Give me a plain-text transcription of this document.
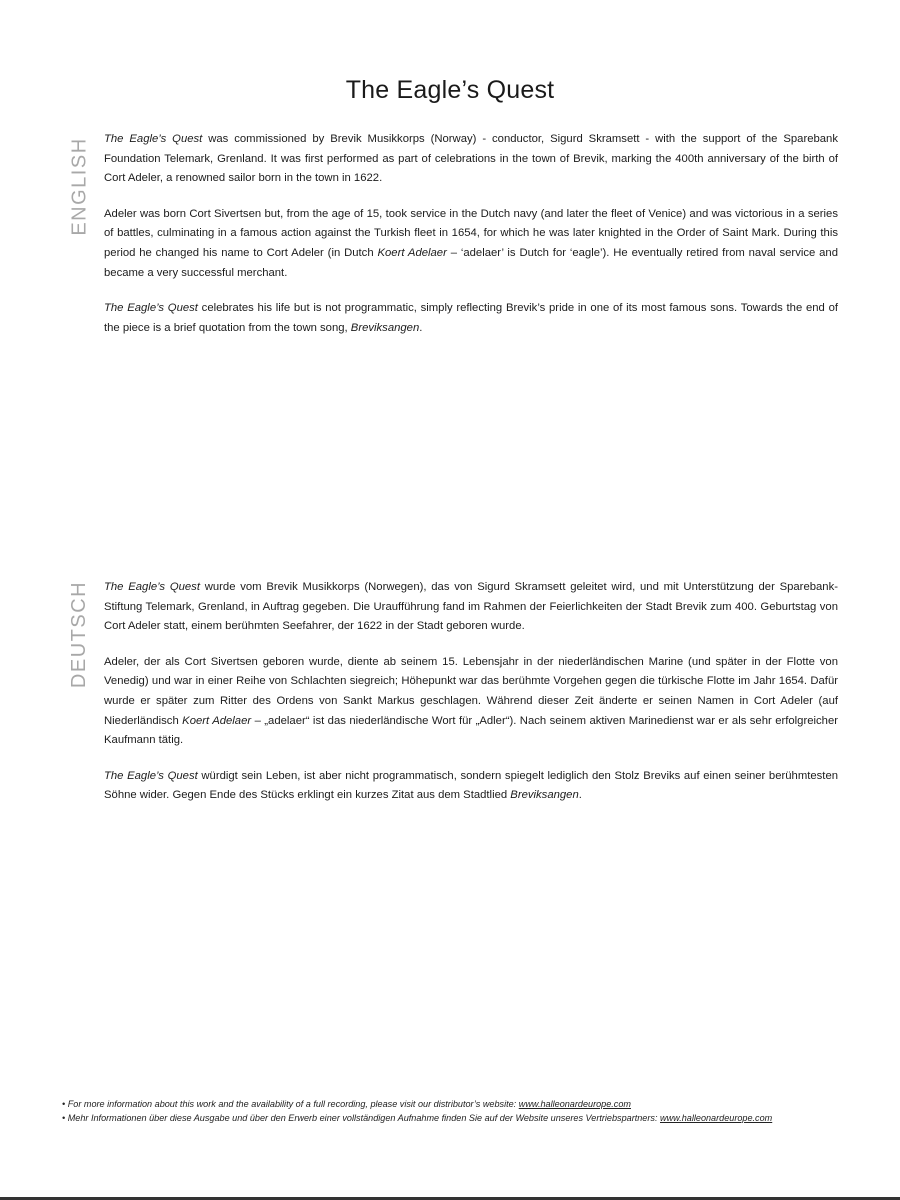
The Eagle’s Quest
ENGLISH The Eagle’s Quest was commissioned by Brevik Musikkorps (Norway) - conductor, Sigurd Skramsett - with the support of the Sparebank Foundation Telemark, Grenland. It was first performed as part of celebrations in the town of Brevik, marking the 400th anniversary of the birth of Cort Adeler, a renowned sailor born in the town in 1622.

Adeler was born Cort Sivertsen but, from the age of 15, took service in the Dutch navy (and later the fleet of Venice) and was victorious in a series of battles, culminating in a famous action against the Turkish fleet in 1654, for which he was later knighted in the Order of Saint Mark. During this period he changed his name to Cort Adeler (in Dutch Koert Adelaer – ‘adelaer’ is Dutch for ‘eagle’). He eventually retired from naval service and became a very successful merchant.

The Eagle’s Quest celebrates his life but is not programmatic, simply reflecting Brevik’s pride in one of its most famous sons. Towards the end of the piece is a brief quotation from the town song, Breviksangen.

DEUTSCH The Eagle’s Quest wurde vom Brevik Musikkorps (Norwegen), das von Sigurd Skramsett geleitet wird, und mit Unterstützung der Sparebank-Stiftung Telemark, Grenland, in Auftrag gegeben. Die Uraufführung fand im Rahmen der Feierlichkeiten der Stadt Brevik zum 400. Geburtstag von Cort Adeler statt, einem berühmten Seefahrer, der 1622 in der Stadt geboren wurde.

Adeler, der als Cort Sivertsen geboren wurde, diente ab seinem 15. Lebensjahr in der niederländischen Marine (und später in der Flotte von Venedig) und war in einer Reihe von Schlachten siegreich; Höhepunkt war das berühmte Vorgehen gegen die türkische Flotte im Jahr 1654. Dafür wurde er später zum Ritter des Ordens von Sankt Markus geschlagen. Während dieser Zeit änderte er seinen Namen in Cort Adeler (auf Niederländisch Koert Adelaer – „adelaer“ ist das niederländische Wort für „Adler“). Nach seinem aktiven Marinedienst war er als sehr erfolgreicher Kaufmann tätig.

The Eagle’s Quest würdigt sein Leben, ist aber nicht programmatisch, sondern spiegelt lediglich den Stolz Breviks auf einen seiner berühmtesten Söhne wider. Gegen Ende des Stücks erklingt ein kurzes Zitat aus dem Stadtlied Breviksangen.

• For more information about this work and the availability of a full recording, please visit our distributor’s website: www.halleonardeurope.com

• Mehr Informationen über diese Ausgabe und über den Erwerb einer vollständigen Aufnahme finden Sie auf der Website unseres Vertriebspartners: www.halleonardeurope.com
